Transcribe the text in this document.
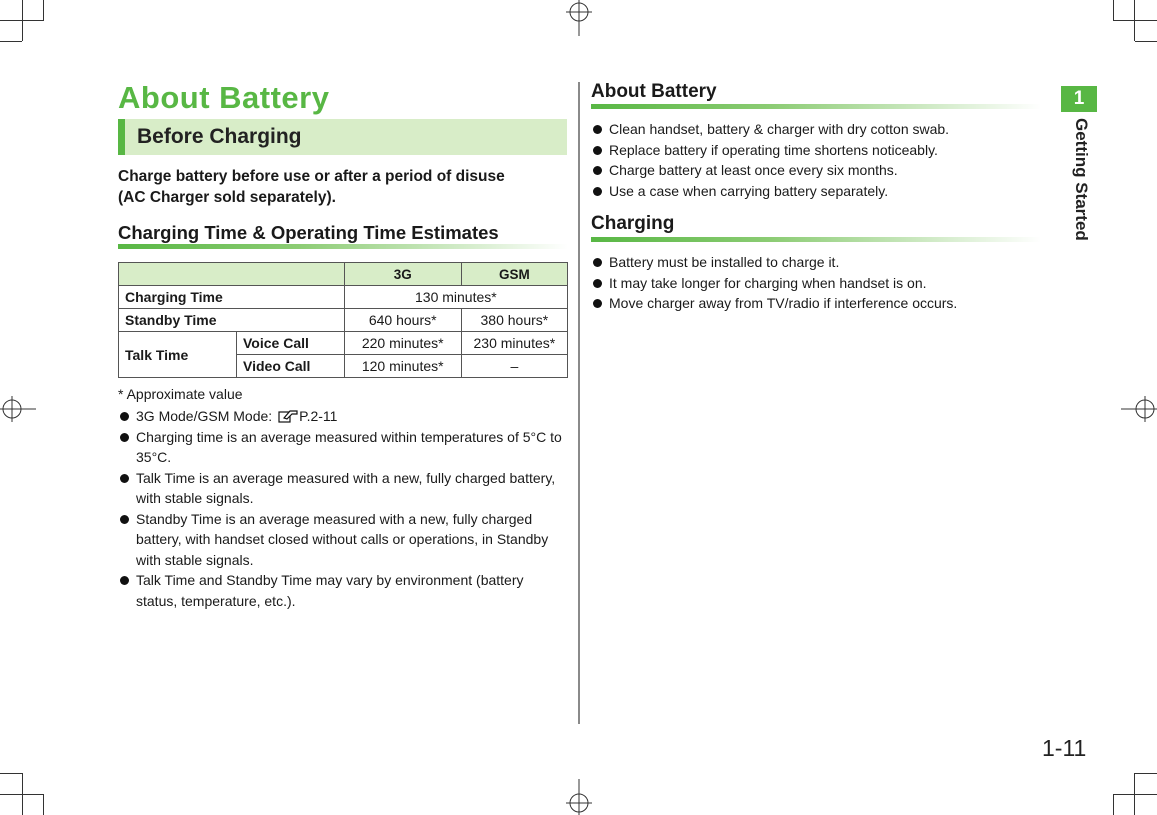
About Battery
Before Charging
Charge battery before use or after a period of disuse
(AC Charger sold separately).
Charging Time & Operating Time Estimates
		3G	GSM
Charging Time		130 minutes*	
Standby Time		640 hours*	380 hours*
Talk Time	Voice Call	220 minutes*	230 minutes*
	Video Call	120 minutes*	–
* Approximate value
3G Mode/GSM Mode: P.2-11
Charging time is an average measured within temperatures of 5°C to 35°C.
Talk Time is an average measured with a new, fully charged battery, with stable signals.
Standby Time is an average measured with a new, fully charged battery, with handset closed without calls or operations, in Standby with stable signals.
Talk Time and Standby Time may vary by environment (battery status, temperature, etc.).
About Battery
Clean handset, battery & charger with dry cotton swab.
Replace battery if operating time shortens noticeably.
Charge battery at least once every six months.
Use a case when carrying battery separately.
Charging
Battery must be installed to charge it.
It may take longer for charging when handset is on.
Move charger away from TV/radio if interference occurs.
1
Getting Started
1-11
